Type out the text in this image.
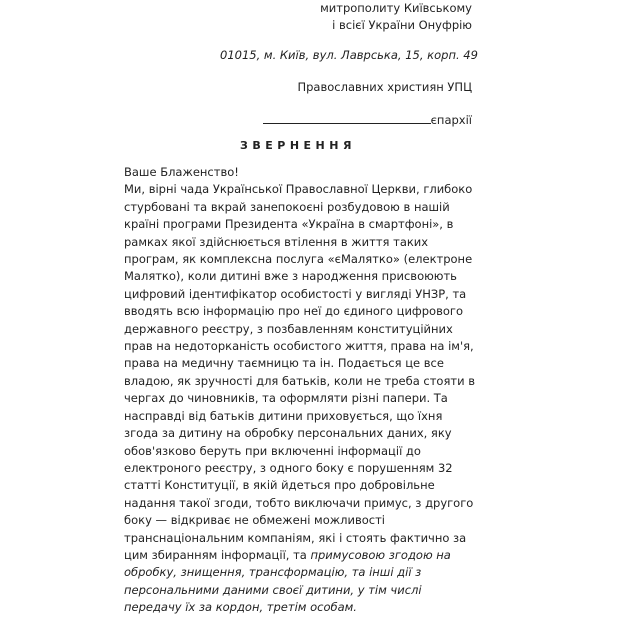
митрополиту Київському
і всієї України Онуфрію
01015, м. Київ, вул. Лаврська, 15, корп. 49
Православних християн УПЦ
єпархії
ЗВЕРНЕННЯ
Ваше Блаженство!
Ми, вірні чада Української Православної Церкви, глибоко стурбовані та вкрай занепокоєні розбудовою в нашій країні програми Президента «Україна в смартфоні», в рамках якої здійснюється втілення в життя таких програм, як комплексна послуга «єМалятко» (електроне Малятко), коли дитині вже з народження присвоюють цифровий ідентифікатор особистості у вигляді УНЗР, та вводять всю інформацію про неї до єдиного цифрового державного реєстру, з позбавленням конституційних прав на недоторканість особистого життя, права на ім'я, права на медичну таємницю та ін. Подається це все владою, як зручності для батьків, коли не треба стояти в чергах до чиновників, та оформляти різні папери. Та насправді від батьків дитини приховується, що їхня згода за дитину на обробку персональних даних, яку обов'язково беруть при включенні інформації до електроного реєстру, з одного боку є порушенням 32 статті Конституції, в якій йдеться про добровільне надання такої згоди, тобто виключачи примус, з другого боку — відкриває не обмежені можливості транснаціональним компаніям, які і стоять фактично за цим збиранням інформації, та примусовою згодою на обробку, знищення, трансформацію, та інші дії з персональними даними своєї дитини, у тім числі передачу їх за кордон, третім особам.
